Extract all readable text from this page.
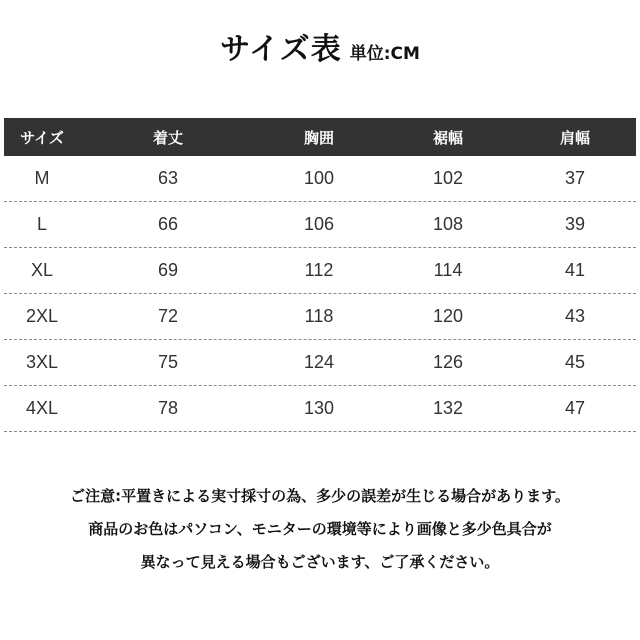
サイズ表 単位:CM
サイズ	着丈	胸囲	裾幅	肩幅
M	63	100	102	37
L	66	106	108	39
XL	69	112	114	41
2XL	72	118	120	43
3XL	75	124	126	45
4XL	78	130	132	47
ご注意:平置きによる実寸採寸の為、多少の誤差が生じる場合があります。
商品のお色はパソコン、モニターの環境等により画像と多少色具合が
異なって見える場合もございます、ご了承ください。
